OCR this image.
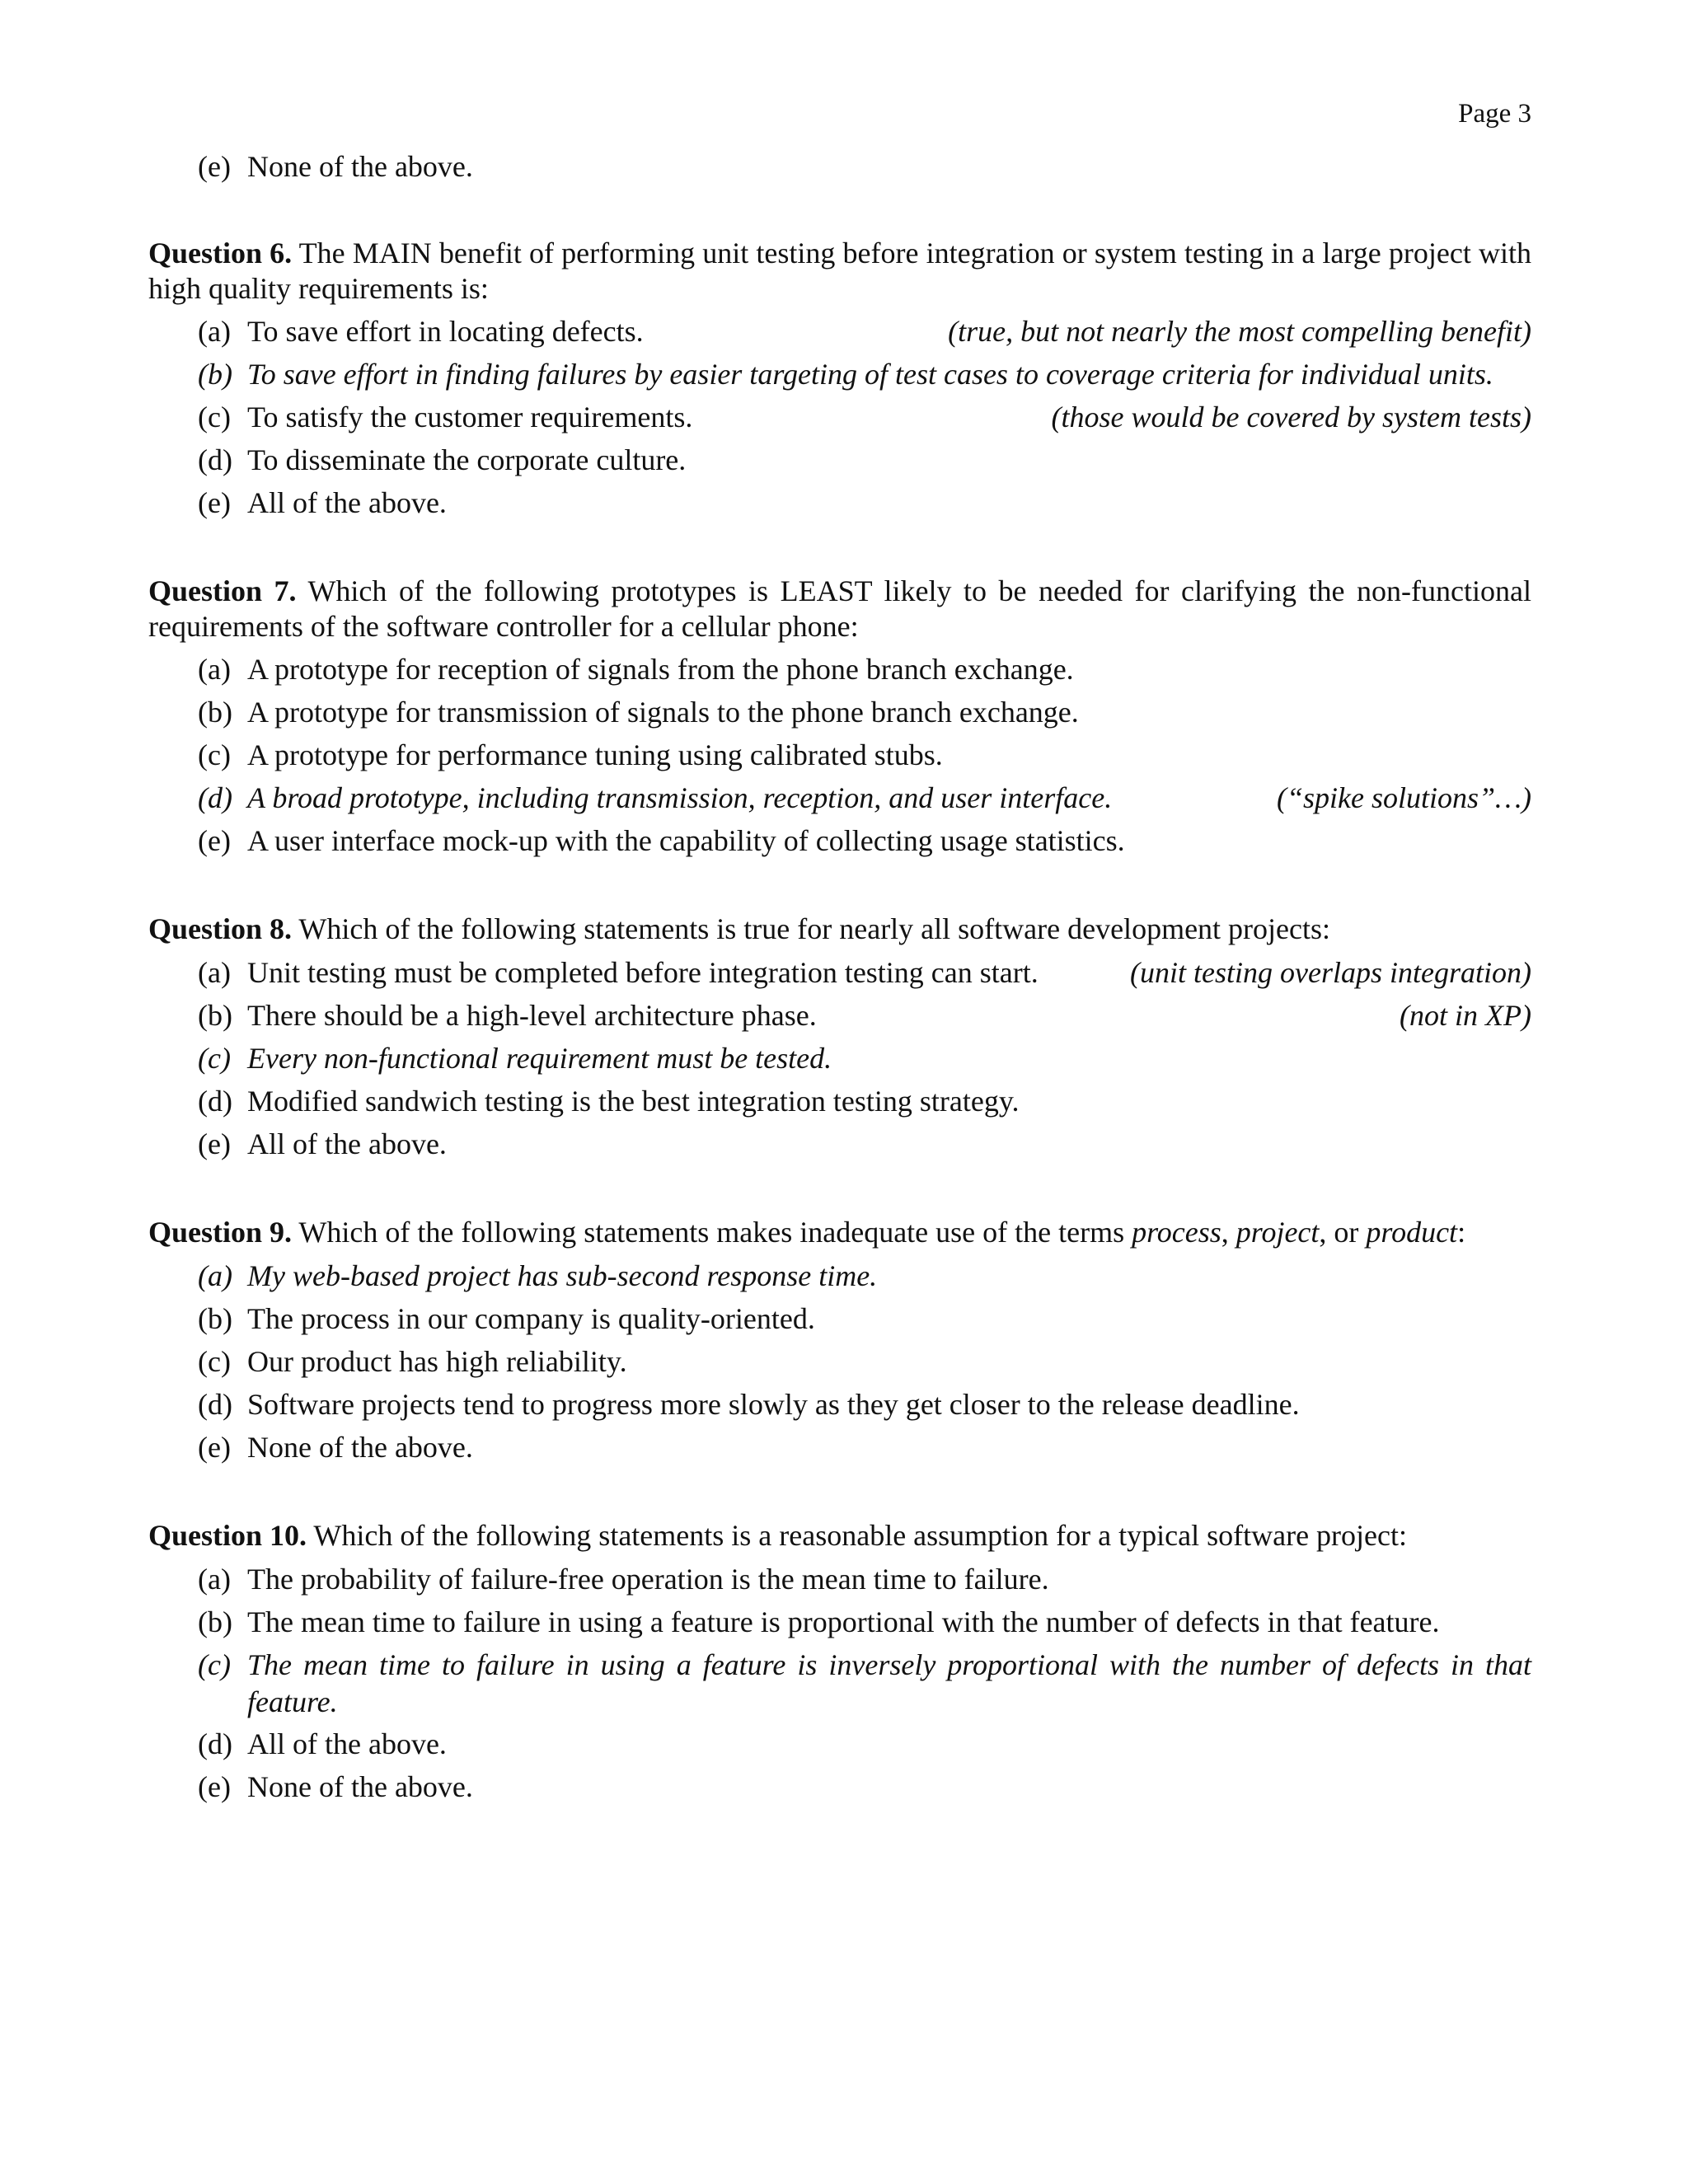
Page 3
(e) None of the above.
Question 6. The MAIN benefit of performing unit testing before integration or system testing in a large project with high quality requirements is:
(a) To save effort in locating defects.	(true, but not nearly the most compelling benefit)
(b) To save effort in finding failures by easier targeting of test cases to coverage criteria for individual units.
(c) To satisfy the customer requirements.	(those would be covered by system tests)
(d) To disseminate the corporate culture.
(e) All of the above.
Question 7. Which of the following prototypes is LEAST likely to be needed for clarifying the non-functional requirements of the software controller for a cellular phone:
(a) A prototype for reception of signals from the phone branch exchange.
(b) A prototype for transmission of signals to the phone branch exchange.
(c) A prototype for performance tuning using calibrated stubs.
(d) A broad prototype, including transmission, reception, and user interface.	(“spike solutions”…)
(e) A user interface mock-up with the capability of collecting usage statistics.
Question 8. Which of the following statements is true for nearly all software development projects:
(a) Unit testing must be completed before integration testing can start.	(unit testing overlaps integration)
(b) There should be a high-level architecture phase.	(not in XP)
(c) Every non-functional requirement must be tested.
(d) Modified sandwich testing is the best integration testing strategy.
(e) All of the above.
Question 9. Which of the following statements makes inadequate use of the terms process, project, or product:
(a) My web-based project has sub-second response time.
(b) The process in our company is quality-oriented.
(c) Our product has high reliability.
(d) Software projects tend to progress more slowly as they get closer to the release deadline.
(e) None of the above.
Question 10. Which of the following statements is a reasonable assumption for a typical software project:
(a) The probability of failure-free operation is the mean time to failure.
(b) The mean time to failure in using a feature is proportional with the number of defects in that feature.
(c) The mean time to failure in using a feature is inversely proportional with the number of defects in that feature.
(d) All of the above.
(e) None of the above.
